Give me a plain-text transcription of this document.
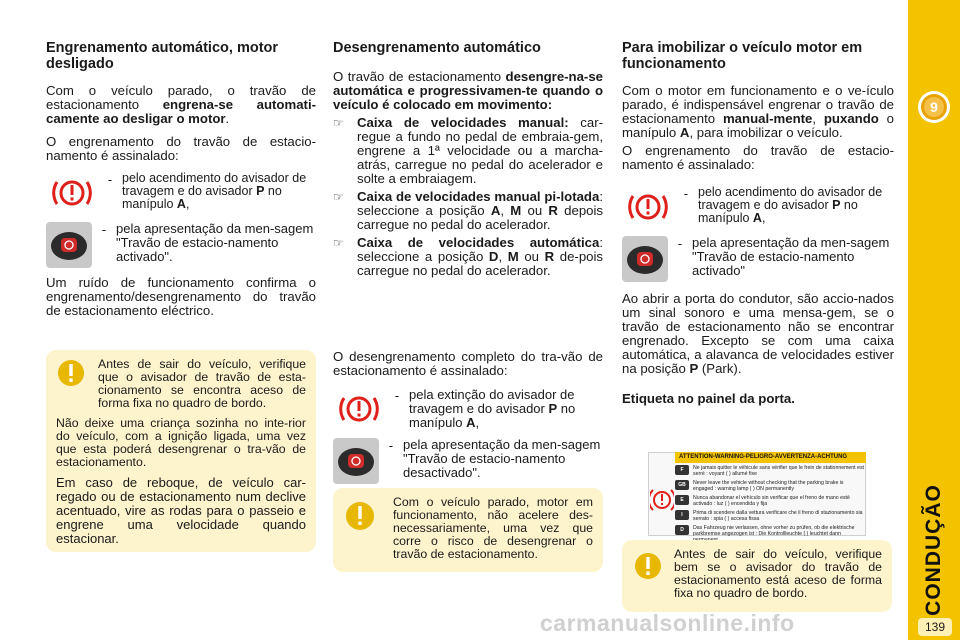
9
CONDUÇÃO
139
Engrenamento automático, motor desligado

Com o veículo parado, o travão de estacionamento engrena-se automati-camente ao desligar o motor.

O engrenamento do travão de estacio-namento é assinalado:

- pelo acendimento do avisador de travagem e do avisador P no manípulo A,
- pela apresentação da men-sagem "Travão de estacio-namento activado".

Um ruído de funcionamento confirma o engrenamento/desengrenamento do travão de estacionamento eléctrico.

Antes de sair do veículo, verifique que o avisador de travão de esta-cionamento se encontra aceso de forma fixa no quadro de bordo.

Não deixe uma criança sozinha no inte-rior do veículo, com a ignição ligada, uma vez que esta poderá desengrenar o tra-vão de estacionamento.

Em caso de reboque, de veículo car-regado ou de estacionamento num declive acentuado, vire as rodas para o passeio e engrene uma velocidade quando estacionar.

Desengrenamento automático

O travão de estacionamento desengre-na-se automática e progressivamen-te quando o veículo é colocado em movimento:

☞	Caixa de velocidades manual: car-regue a fundo no pedal de embraia-gem, engrene a 1ª velocidade ou a marcha-atrás, carregue no pedal do acelerador e solte a embraiagem.
☞	Caixa de velocidades manual pi-lotada: seleccione a posição A, M ou R depois carregue no pedal do acelerador.
☞	Caixa de velocidades automática: seleccione a posição D, M ou R de-pois carregue no pedal do acelerador.

O desengrenamento completo do tra-vão de estacionamento é assinalado:

- pela extinção do avisador de travagem e do avisador P no manípulo A,
- pela apresentação da men-sagem "Travão de estacio-namento desactivado".

Com o veículo parado, motor em funcionamento, não acelere des-necessariamente, uma vez que corre o risco de desengrenar o travão de estacionamento.

Para imobilizar o veículo motor em funcionamento

Com o motor em funcionamento e o ve-ículo parado, é indispensável engrenar o travão de estacionamento manual-mente, puxando o manípulo A, para imobilizar o veículo.

O engrenamento do travão de estacio-namento é assinalado:

- pelo acendimento do avisador de travagem e do avisador P no manípulo A,
- pela apresentação da men-sagem "Travão de estacio-namento activado"

Ao abrir a porta do condutor, são accio-nados um sinal sonoro e uma mensa-gem, se o travão de estacionamento não se encontrar engrenado. Excepto se com uma caixa automática, a alavanca de velocidades estiver na posição P (Park).

Etiqueta no painel da porta.

ATTENTION-WARNING-PELIGRO-AVVERTENZA-ACHTUNG
F	Ne jamais quitter le véhicule sans vérifier que le frein de stationnement est serré : voyant ( ) allumé fixe
GB	Never leave the vehicle without checking that the parking brake is engaged : warning lamp ( ) ON permanently
E	Nunca abandonar el vehículo sin verificar que el freno de mano esté activado : luz ( ) encendida y fija
I	Prima di scendere dalla vettura verificare che il freno di stazionamento sia serrato : spia ( ) accesa fissa
D	Das Fahrzeug nie verlassen, ohne vorher zu prüfen, ob die elektrische parkbremse angezogen ist : Die Kontrollleuchte ( ) leuchtet dann

Antes de sair do veículo, verifique bem se o avisador do travão de estacionamento está aceso de forma fixa no quadro de bordo.

carmanualsonline.info
